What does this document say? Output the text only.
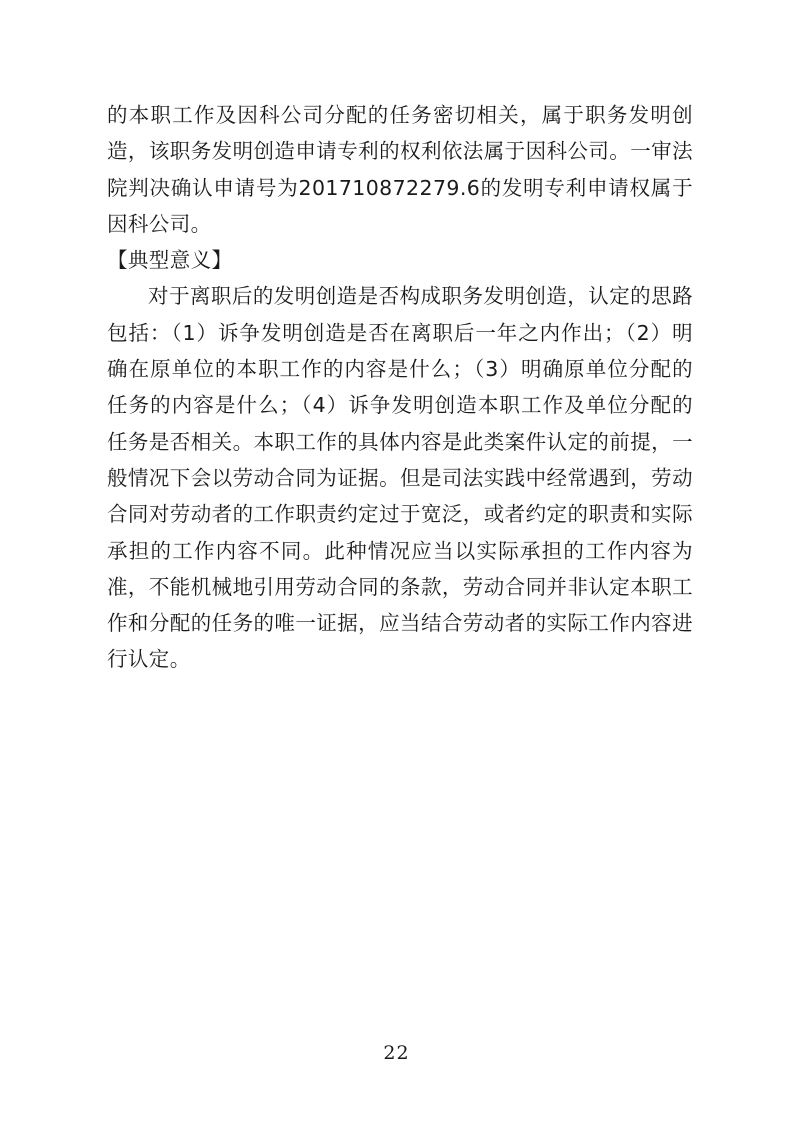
的本职工作及因科公司分配的任务密切相关，属于职务发明创造，该职务发明创造申请专利的权利依法属于因科公司。一审法院判决确认申请号为201710872279.6的发明专利申请权属于因科公司。

【典型意义】

对于离职后的发明创造是否构成职务发明创造，认定的思路包括：（1）诉争发明创造是否在离职后一年之内作出；（2）明确在原单位的本职工作的内容是什么；（3）明确原单位分配的任务的内容是什么；（4）诉争发明创造本职工作及单位分配的任务是否相关。本职工作的具体内容是此类案件认定的前提，一般情况下会以劳动合同为证据。但是司法实践中经常遇到，劳动合同对劳动者的工作职责约定过于宽泛，或者约定的职责和实际承担的工作内容不同。此种情况应当以实际承担的工作内容为准，不能机械地引用劳动合同的条款，劳动合同并非认定本职工作和分配的任务的唯一证据，应当结合劳动者的实际工作内容进行认定。

22
